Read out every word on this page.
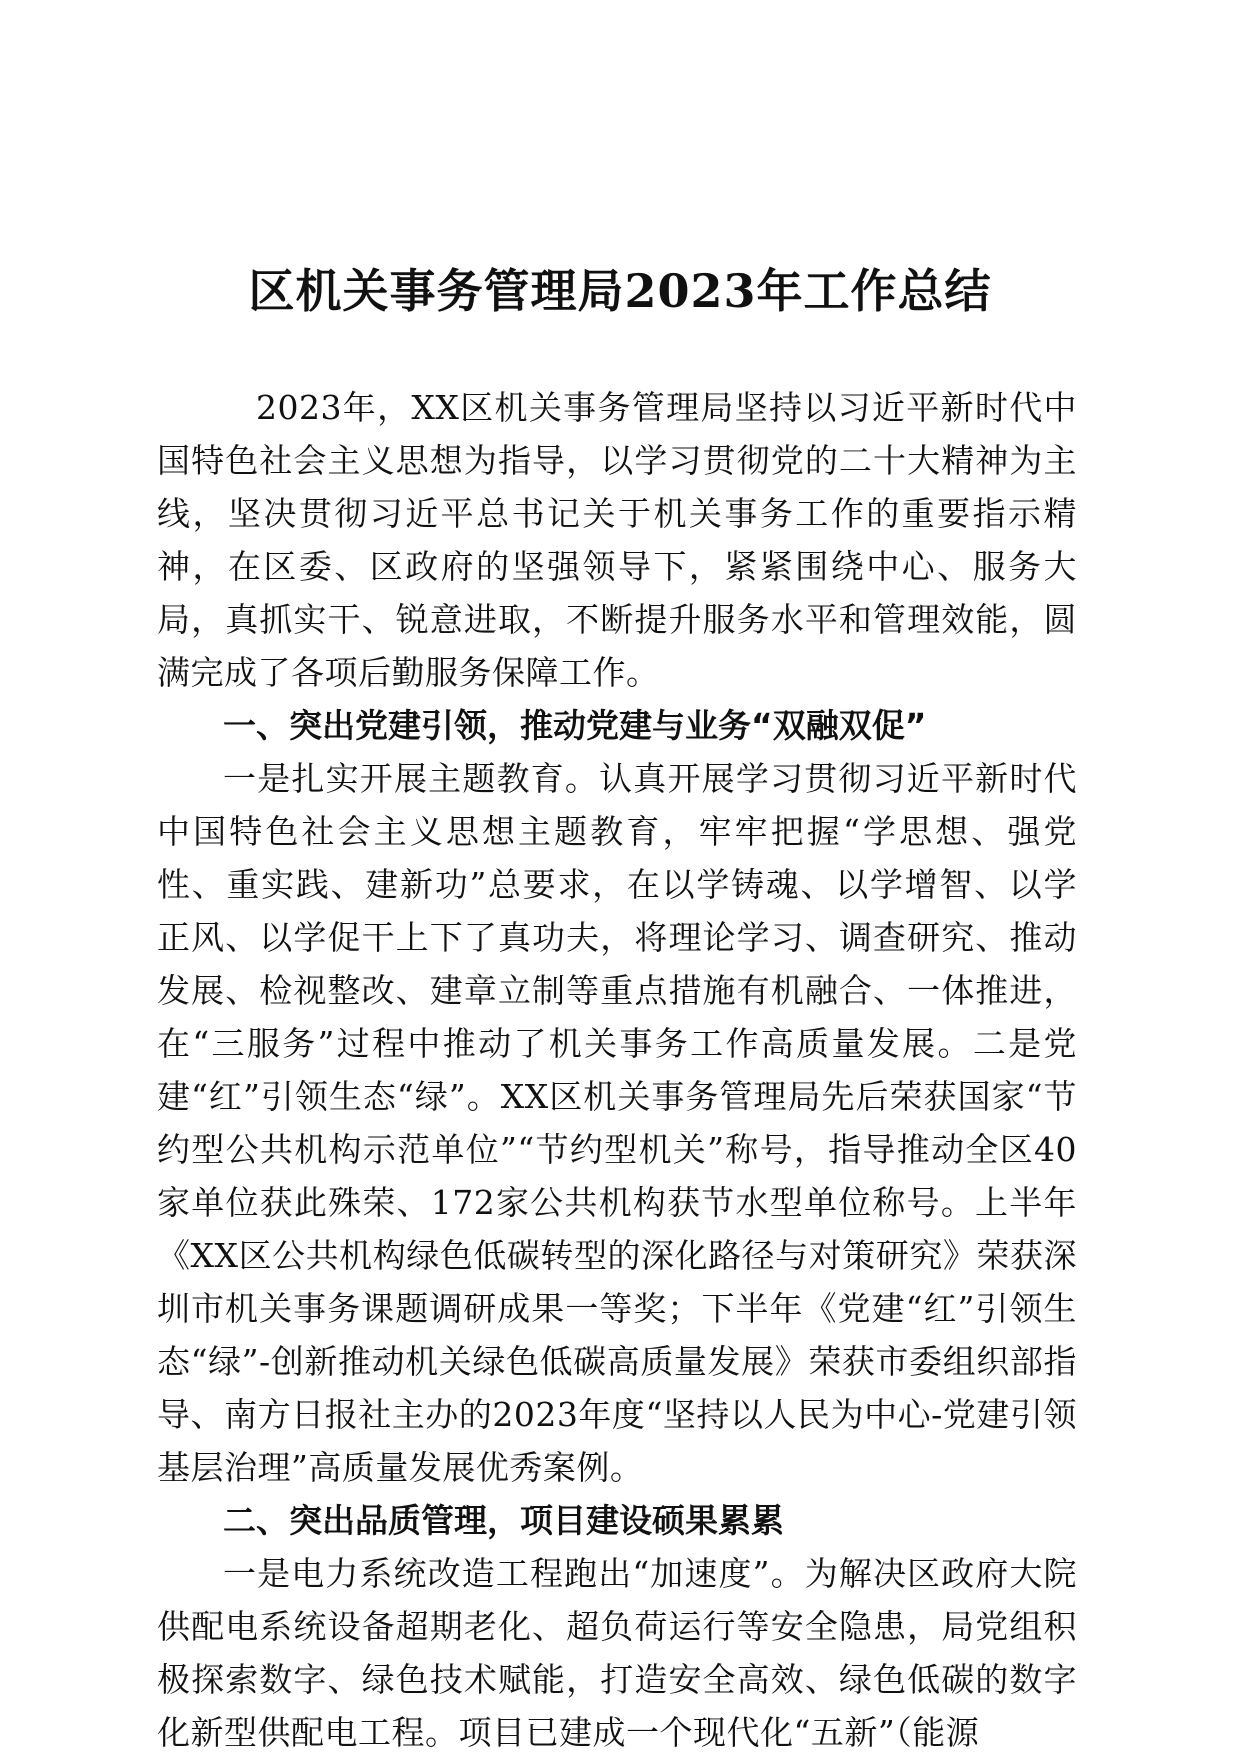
区机关事务管理局2023年工作总结

2023年，XX区机关事务管理局坚持以习近平新时代中国特色社会主义思想为指导，以学习贯彻党的二十大精神为主线，坚决贯彻习近平总书记关于机关事务工作的重要指示精神，在区委、区政府的坚强领导下，紧紧围绕中心、服务大局，真抓实干、锐意进取，不断提升服务水平和管理效能，圆满完成了各项后勤服务保障工作。

一、突出党建引领，推动党建与业务“双融双促”

一是扎实开展主题教育。认真开展学习贯彻习近平新时代中国特色社会主义思想主题教育，牢牢把握“学思想、强党性、重实践、建新功”总要求，在以学铸魂、以学增智、以学正风、以学促干上下了真功夫，将理论学习、调查研究、推动发展、检视整改、建章立制等重点措施有机融合、一体推进，在“三服务”过程中推动了机关事务工作高质量发展。二是党建“红”引领生态“绿”。XX区机关事务管理局先后荣获国家“节约型公共机构示范单位”“节约型机关”称号，指导推动全区40家单位获此殊荣、172家公共机构获节水型单位称号。上半年《XX区公共机构绿色低碳转型的深化路径与对策研究》荣获深圳市机关事务课题调研成果一等奖；下半年《党建“红”引领生态“绿”-创新推动机关绿色低碳高质量发展》荣获市委组织部指导、南方日报社主办的2023年度“坚持以人民为中心-党建引领基层治理”高质量发展优秀案例。

二、突出品质管理，项目建设硕果累累

一是电力系统改造工程跑出“加速度”。为解决区政府大院供配电系统设备超期老化、超负荷运行等安全隐患，局党组积极探索数字、绿色技术赋能，打造安全高效、绿色低碳的数字化新型供配电工程。项目已建成一个现代化“五新”（能源
